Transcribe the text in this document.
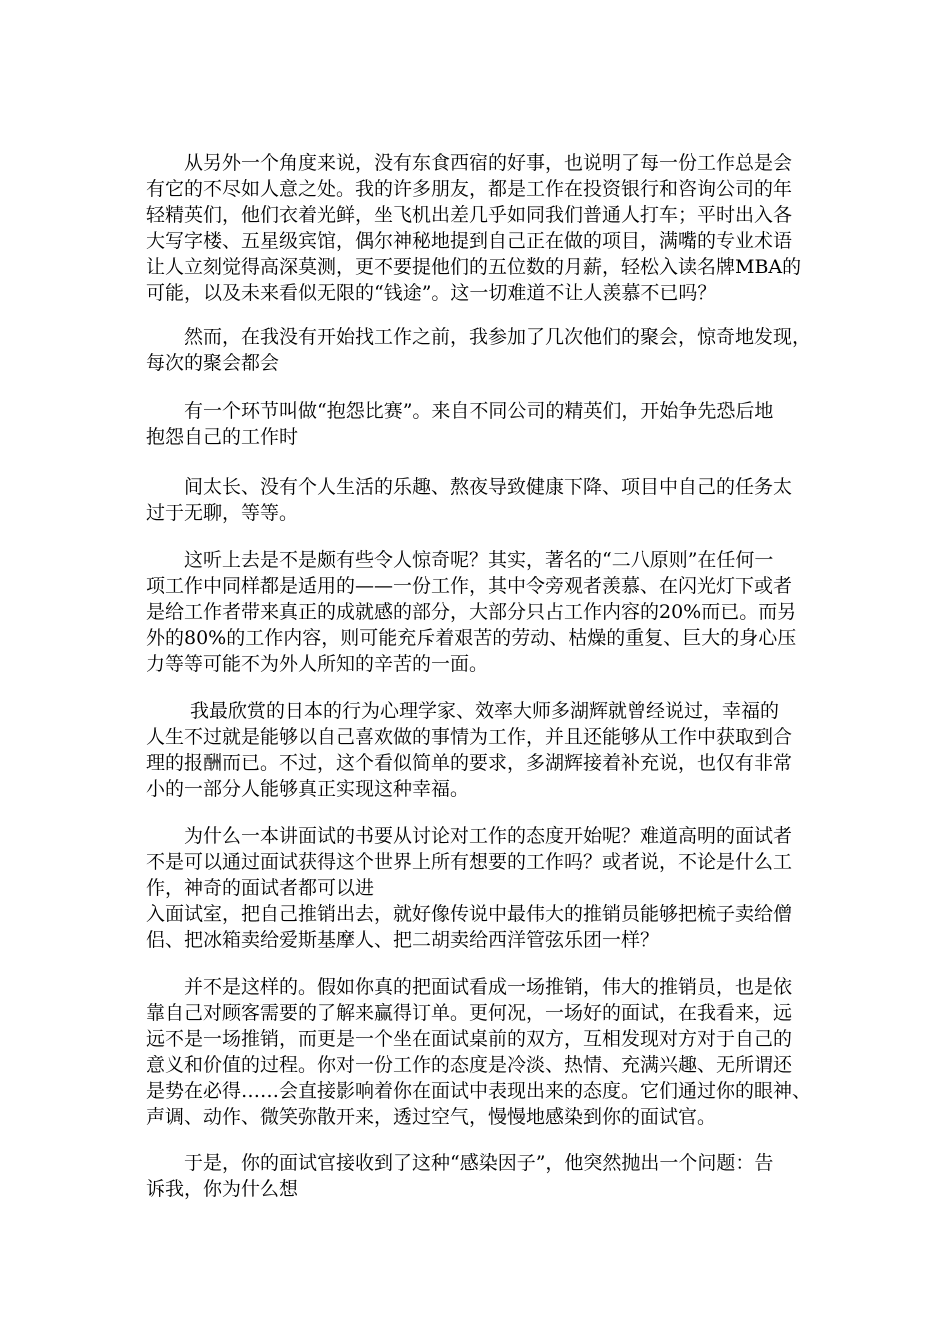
　　从另外一个角度来说，没有东食西宿的好事，也说明了每一份工作总是会

有它的不尽如人意之处。我的许多朋友，都是工作在投资银行和咨询公司的年

轻精英们，他们衣着光鲜，坐飞机出差几乎如同我们普通人打车；平时出入各

大写字楼、五星级宾馆，偶尔神秘地提到自己正在做的项目，满嘴的专业术语

让人立刻觉得高深莫测，更不要提他们的五位数的月薪，轻松入读名牌MBA的

可能，以及未来看似无限的“钱途”。这一切难道不让人羡慕不已吗？

　　然而，在我没有开始找工作之前，我参加了几次他们的聚会，惊奇地发现，

每次的聚会都会

　　有一个环节叫做“抱怨比赛”。来自不同公司的精英们，开始争先恐后地

抱怨自己的工作时

　　间太长、没有个人生活的乐趣、熬夜导致健康下降、项目中自己的任务太

过于无聊，等等。

　　这听上去是不是颇有些令人惊奇呢？其实，著名的“二八原则”在任何一

项工作中同样都是适用的——一份工作，其中令旁观者羡慕、在闪光灯下或者

是给工作者带来真正的成就感的部分，大部分只占工作内容的20%而已。而另

外的80%的工作内容，则可能充斥着艰苦的劳动、枯燥的重复、巨大的身心压

力等等可能不为外人所知的辛苦的一面。

　　 我最欣赏的日本的行为心理学家、效率大师多湖辉就曾经说过，幸福的

人生不过就是能够以自己喜欢做的事情为工作，并且还能够从工作中获取到合

理的报酬而已。不过，这个看似简单的要求，多湖辉接着补充说，也仅有非常

小的一部分人能够真正实现这种幸福。

　　为什么一本讲面试的书要从讨论对工作的态度开始呢？难道高明的面试者

不是可以通过面试获得这个世界上所有想要的工作吗？或者说，不论是什么工

作，神奇的面试者都可以进

入面试室，把自己推销出去，就好像传说中最伟大的推销员能够把梳子卖给僧

侣、把冰箱卖给爱斯基摩人、把二胡卖给西洋管弦乐团一样？

　　并不是这样的。假如你真的把面试看成一场推销，伟大的推销员，也是依

靠自己对顾客需要的了解来赢得订单。更何况，一场好的面试，在我看来，远

远不是一场推销，而更是一个坐在面试桌前的双方，互相发现对方对于自己的

意义和价值的过程。你对一份工作的态度是冷淡、热情、充满兴趣、无所谓还

是势在必得……会直接影响着你在面试中表现出来的态度。它们通过你的眼神、

声调、动作、微笑弥散开来，透过空气，慢慢地感染到你的面试官。

　　于是，你的面试官接收到了这种“感染因子”，他突然抛出一个问题：告

诉我，你为什么想
